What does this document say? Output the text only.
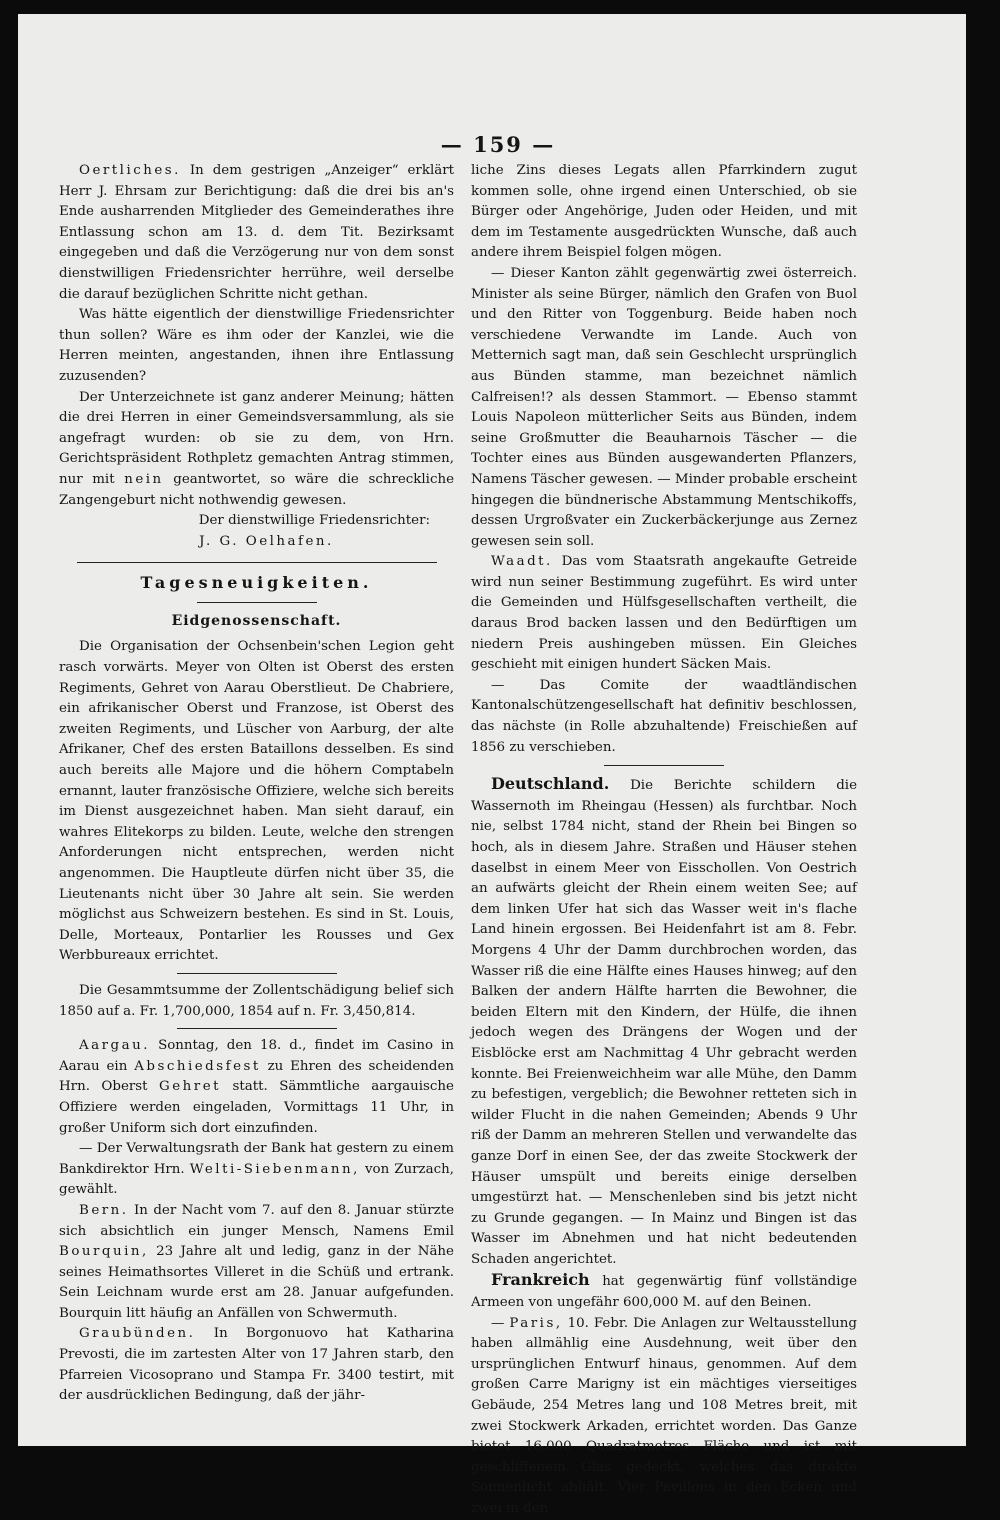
— 159 —

Oertliches. In dem gestrigen „Anzeiger“ erklärt Herr J. Ehrsam zur Berichtigung: daß die drei bis an's Ende ausharrenden Mitglieder des Gemeinderathes ihre Entlassung schon am 13. d. dem Tit. Bezirksamt eingegeben und daß die Verzögerung nur von dem sonst dienstwilligen Friedensrichter herrühre, weil derselbe die darauf bezüglichen Schritte nicht gethan.

Was hätte eigentlich der dienstwillige Friedensrichter thun sollen? Wäre es ihm oder der Kanzlei, wie die Herren meinten, angestanden, ihnen ihre Entlassung zuzusenden?

Der Unterzeichnete ist ganz anderer Meinung; hätten die drei Herren in einer Gemeindsversammlung, als sie angefragt wurden: ob sie zu dem, von Hrn. Gerichtspräsident Rothpletz gemachten Antrag stimmen, nur mit nein geantwortet, so wäre die schreckliche Zangengeburt nicht nothwendig gewesen.

Der dienstwillige Friedensrichter:

J. G. Oelhafen.

Tagesneuigkeiten.
Eidgenossenschaft.

Die Organisation der Ochsenbein'schen Legion geht rasch vorwärts. Meyer von Olten ist Oberst des ersten Regiments, Gehret von Aarau Oberstlieut. De Chabriere, ein afrikanischer Oberst und Franzose, ist Oberst des zweiten Regiments, und Lüscher von Aarburg, der alte Afrikaner, Chef des ersten Bataillons desselben. Es sind auch bereits alle Majore und die höhern Comptabeln ernannt, lauter französische Offiziere, welche sich bereits im Dienst ausgezeichnet haben. Man sieht darauf, ein wahres Elitekorps zu bilden. Leute, welche den strengen Anforderungen nicht entsprechen, werden nicht angenommen. Die Hauptleute dürfen nicht über 35, die Lieutenants nicht über 30 Jahre alt sein. Sie werden möglichst aus Schweizern bestehen. Es sind in St. Louis, Delle, Morteaux, Pontarlier les Rousses und Gex Werbbureaux errichtet.

Die Gesammtsumme der Zollentschädigung belief sich 1850 auf a. Fr. 1,700,000, 1854 auf n. Fr. 3,450,814.

Aargau. Sonntag, den 18. d., findet im Casino in Aarau ein Abschiedsfest zu Ehren des scheidenden Hrn. Oberst Gehret statt. Sämmtliche aargauische Offiziere werden eingeladen, Vormittags 11 Uhr, in großer Uniform sich dort einzufinden.

— Der Verwaltungsrath der Bank hat gestern zu einem Bankdirektor Hrn. Welti-Siebenmann, von Zurzach, gewählt.

Bern. In der Nacht vom 7. auf den 8. Januar stürzte sich absichtlich ein junger Mensch, Namens Emil Bourquin, 23 Jahre alt und ledig, ganz in der Nähe seines Heimathsortes Villeret in die Schüß und ertrank. Sein Leichnam wurde erst am 28. Januar aufgefunden. Bourquin litt häufig an Anfällen von Schwermuth.

Graubünden. In Borgonuovo hat Katharina Prevosti, die im zartesten Alter von 17 Jahren starb, den Pfarreien Vicosoprano und Stampa Fr. 3400 testirt, mit der ausdrücklichen Bedingung, daß der jähr-

liche Zins dieses Legats allen Pfarrkindern zugut kommen solle, ohne irgend einen Unterschied, ob sie Bürger oder Angehörige, Juden oder Heiden, und mit dem im Testamente ausgedrückten Wunsche, daß auch andere ihrem Beispiel folgen mögen.

— Dieser Kanton zählt gegenwärtig zwei österreich. Minister als seine Bürger, nämlich den Grafen von Buol und den Ritter von Toggenburg. Beide haben noch verschiedene Verwandte im Lande. Auch von Metternich sagt man, daß sein Geschlecht ursprünglich aus Bünden stamme, man bezeichnet nämlich Calfreisen!? als dessen Stammort. — Ebenso stammt Louis Napoleon mütterlicher Seits aus Bünden, indem seine Großmutter die Beauharnois Täscher — die Tochter eines aus Bünden ausgewanderten Pflanzers, Namens Täscher gewesen. — Minder probable erscheint hingegen die bündnerische Abstammung Mentschikoffs, dessen Urgroßvater ein Zuckerbäckerjunge aus Zernez gewesen sein soll.

Waadt. Das vom Staatsrath angekaufte Getreide wird nun seiner Bestimmung zugeführt. Es wird unter die Gemeinden und Hülfsgesellschaften vertheilt, die daraus Brod backen lassen und den Bedürftigen um niedern Preis aushingeben müssen. Ein Gleiches geschieht mit einigen hundert Säcken Mais.

— Das Comite der waadtländischen Kantonalschützengesellschaft hat definitiv beschlossen, das nächste (in Rolle abzuhaltende) Freischießen auf 1856 zu verschieben.

Deutschland. Die Berichte schildern die Wassernoth im Rheingau (Hessen) als furchtbar. Noch nie, selbst 1784 nicht, stand der Rhein bei Bingen so hoch, als in diesem Jahre. Straßen und Häuser stehen daselbst in einem Meer von Eisschollen. Von Oestrich an aufwärts gleicht der Rhein einem weiten See; auf dem linken Ufer hat sich das Wasser weit in's flache Land hinein ergossen. Bei Heidenfahrt ist am 8. Febr. Morgens 4 Uhr der Damm durchbrochen worden, das Wasser riß die eine Hälfte eines Hauses hinweg; auf den Balken der andern Hälfte harrten die Bewohner, die beiden Eltern mit den Kindern, der Hülfe, die ihnen jedoch wegen des Drängens der Wogen und der Eisblöcke erst am Nachmittag 4 Uhr gebracht werden konnte. Bei Freienweichheim war alle Mühe, den Damm zu befestigen, vergeblich; die Bewohner retteten sich in wilder Flucht in die nahen Gemeinden; Abends 9 Uhr riß der Damm an mehreren Stellen und verwandelte das ganze Dorf in einen See, der das zweite Stockwerk der Häuser umspült und bereits einige derselben umgestürzt hat. — Menschenleben sind bis jetzt nicht zu Grunde gegangen. — In Mainz und Bingen ist das Wasser im Abnehmen und hat nicht bedeutenden Schaden angerichtet.

Frankreich hat gegenwärtig fünf vollständige Armeen von ungefähr 600,000 M. auf den Beinen.

— Paris, 10. Febr. Die Anlagen zur Weltausstellung haben allmählig eine Ausdehnung, weit über den ursprünglichen Entwurf hinaus, genommen. Auf dem großen Carre Marigny ist ein mächtiges vierseitiges Gebäude, 254 Metres lang und 108 Metres breit, mit zwei Stockwerk Arkaden, errichtet worden. Das Ganze bietet 16,000 Quadratmetres Fläche und ist mit geschliffenem Glas gedeckt, welches das direkte Sonnenlicht abhält. Vier Pavillons in den Ecken und zwei in den
